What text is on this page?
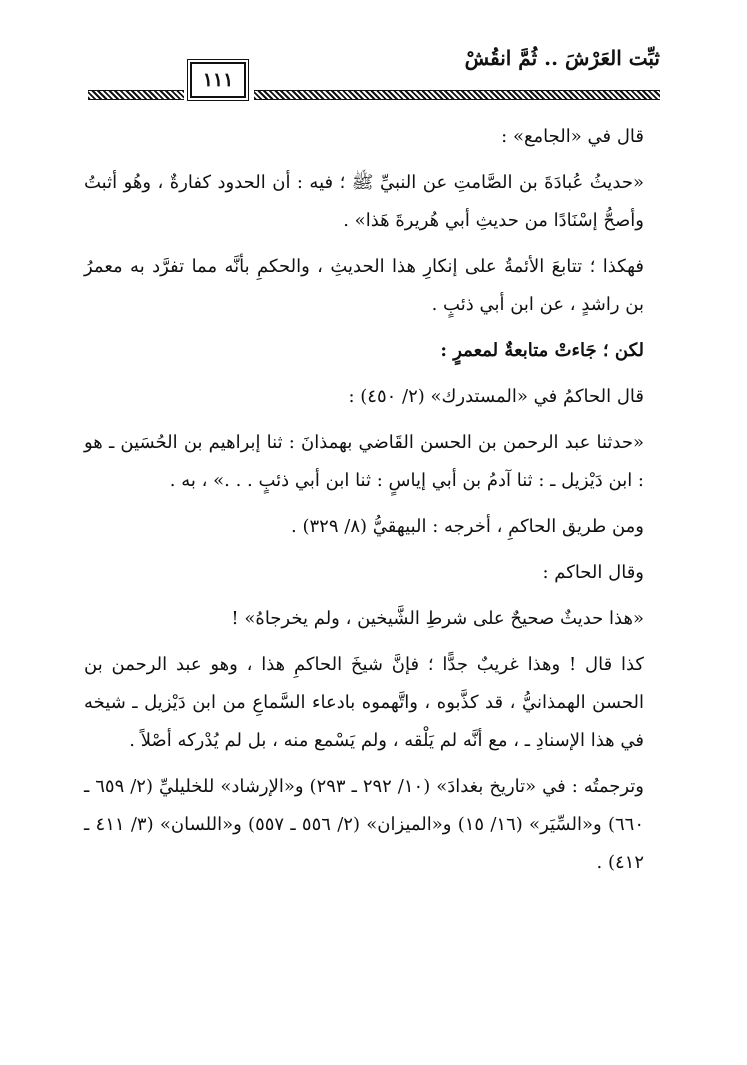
١١١
ثبِّت العَرْشَ .. ثُمَّ انقُشْ

قال في «الجامع» :

«حديثُ عُبادَةَ بن الصَّامتِ عن النبيِّ ﷺ ؛ فيه : أن الحدود كفارةٌ ، وهُو أثبتُ وأصحُّ إسْنَادًا من حديثِ أبي هُريرةَ هَذا» .

فهكذا ؛ تتابعَ الأئمةُ على إنكارِ هذا الحديثِ ، والحكمِ بأنَّه مما تفرَّد به معمرُ بن راشدٍ ، عن ابن أبي ذئبٍ .

لكن ؛ جَاءتْ متابعةٌ لمعمرٍ :

قال الحاكمُ في «المستدرك» (٢/ ٤٥٠) :

«حدثنا عبد الرحمن بن الحسن القَاضي بهمذانَ : ثنا إبراهيم بن الحُسَين ـ هو : ابن دَيْزيل ـ : ثنا آدمُ بن أبي إياسٍ : ثنا ابن أبي ذئبٍ . . .» ، به .

ومن طريق الحاكمِ ، أخرجه : البيهقيُّ (٨/ ٣٢٩) .

وقال الحاكم :

«هذا حديثٌ صحيحٌ على شرطِ الشَّيخين ، ولم يخرجاهُ» !

كذا قال ! وهذا غريبٌ جدًّا ؛ فإنَّ شيخَ الحاكمِ هذا ، وهو عبد الرحمن بن الحسن الهمذانيُّ ، قد كذَّبوه ، واتَّهموه بادعاء السَّماعِ من ابن دَيْزيل ـ شيخه في هذا الإسنادِ ـ ، مع أنَّه لم يَلْقه ، ولم يَسْمع منه ، بل لم يُدْركه أصْلاً .

وترجمتُه : في «تاريخ بغدادَ» (١٠/ ٢٩٢ ـ ٢٩٣) و«الإرشاد» للخليليِّ (٢/ ٦٥٩ ـ ٦٦٠) و«السِّيَر» (١٦/ ١٥) و«الميزان» (٢/ ٥٥٦ ـ ٥٥٧) و«اللسان» (٣/ ٤١١ ـ ٤١٢) .
